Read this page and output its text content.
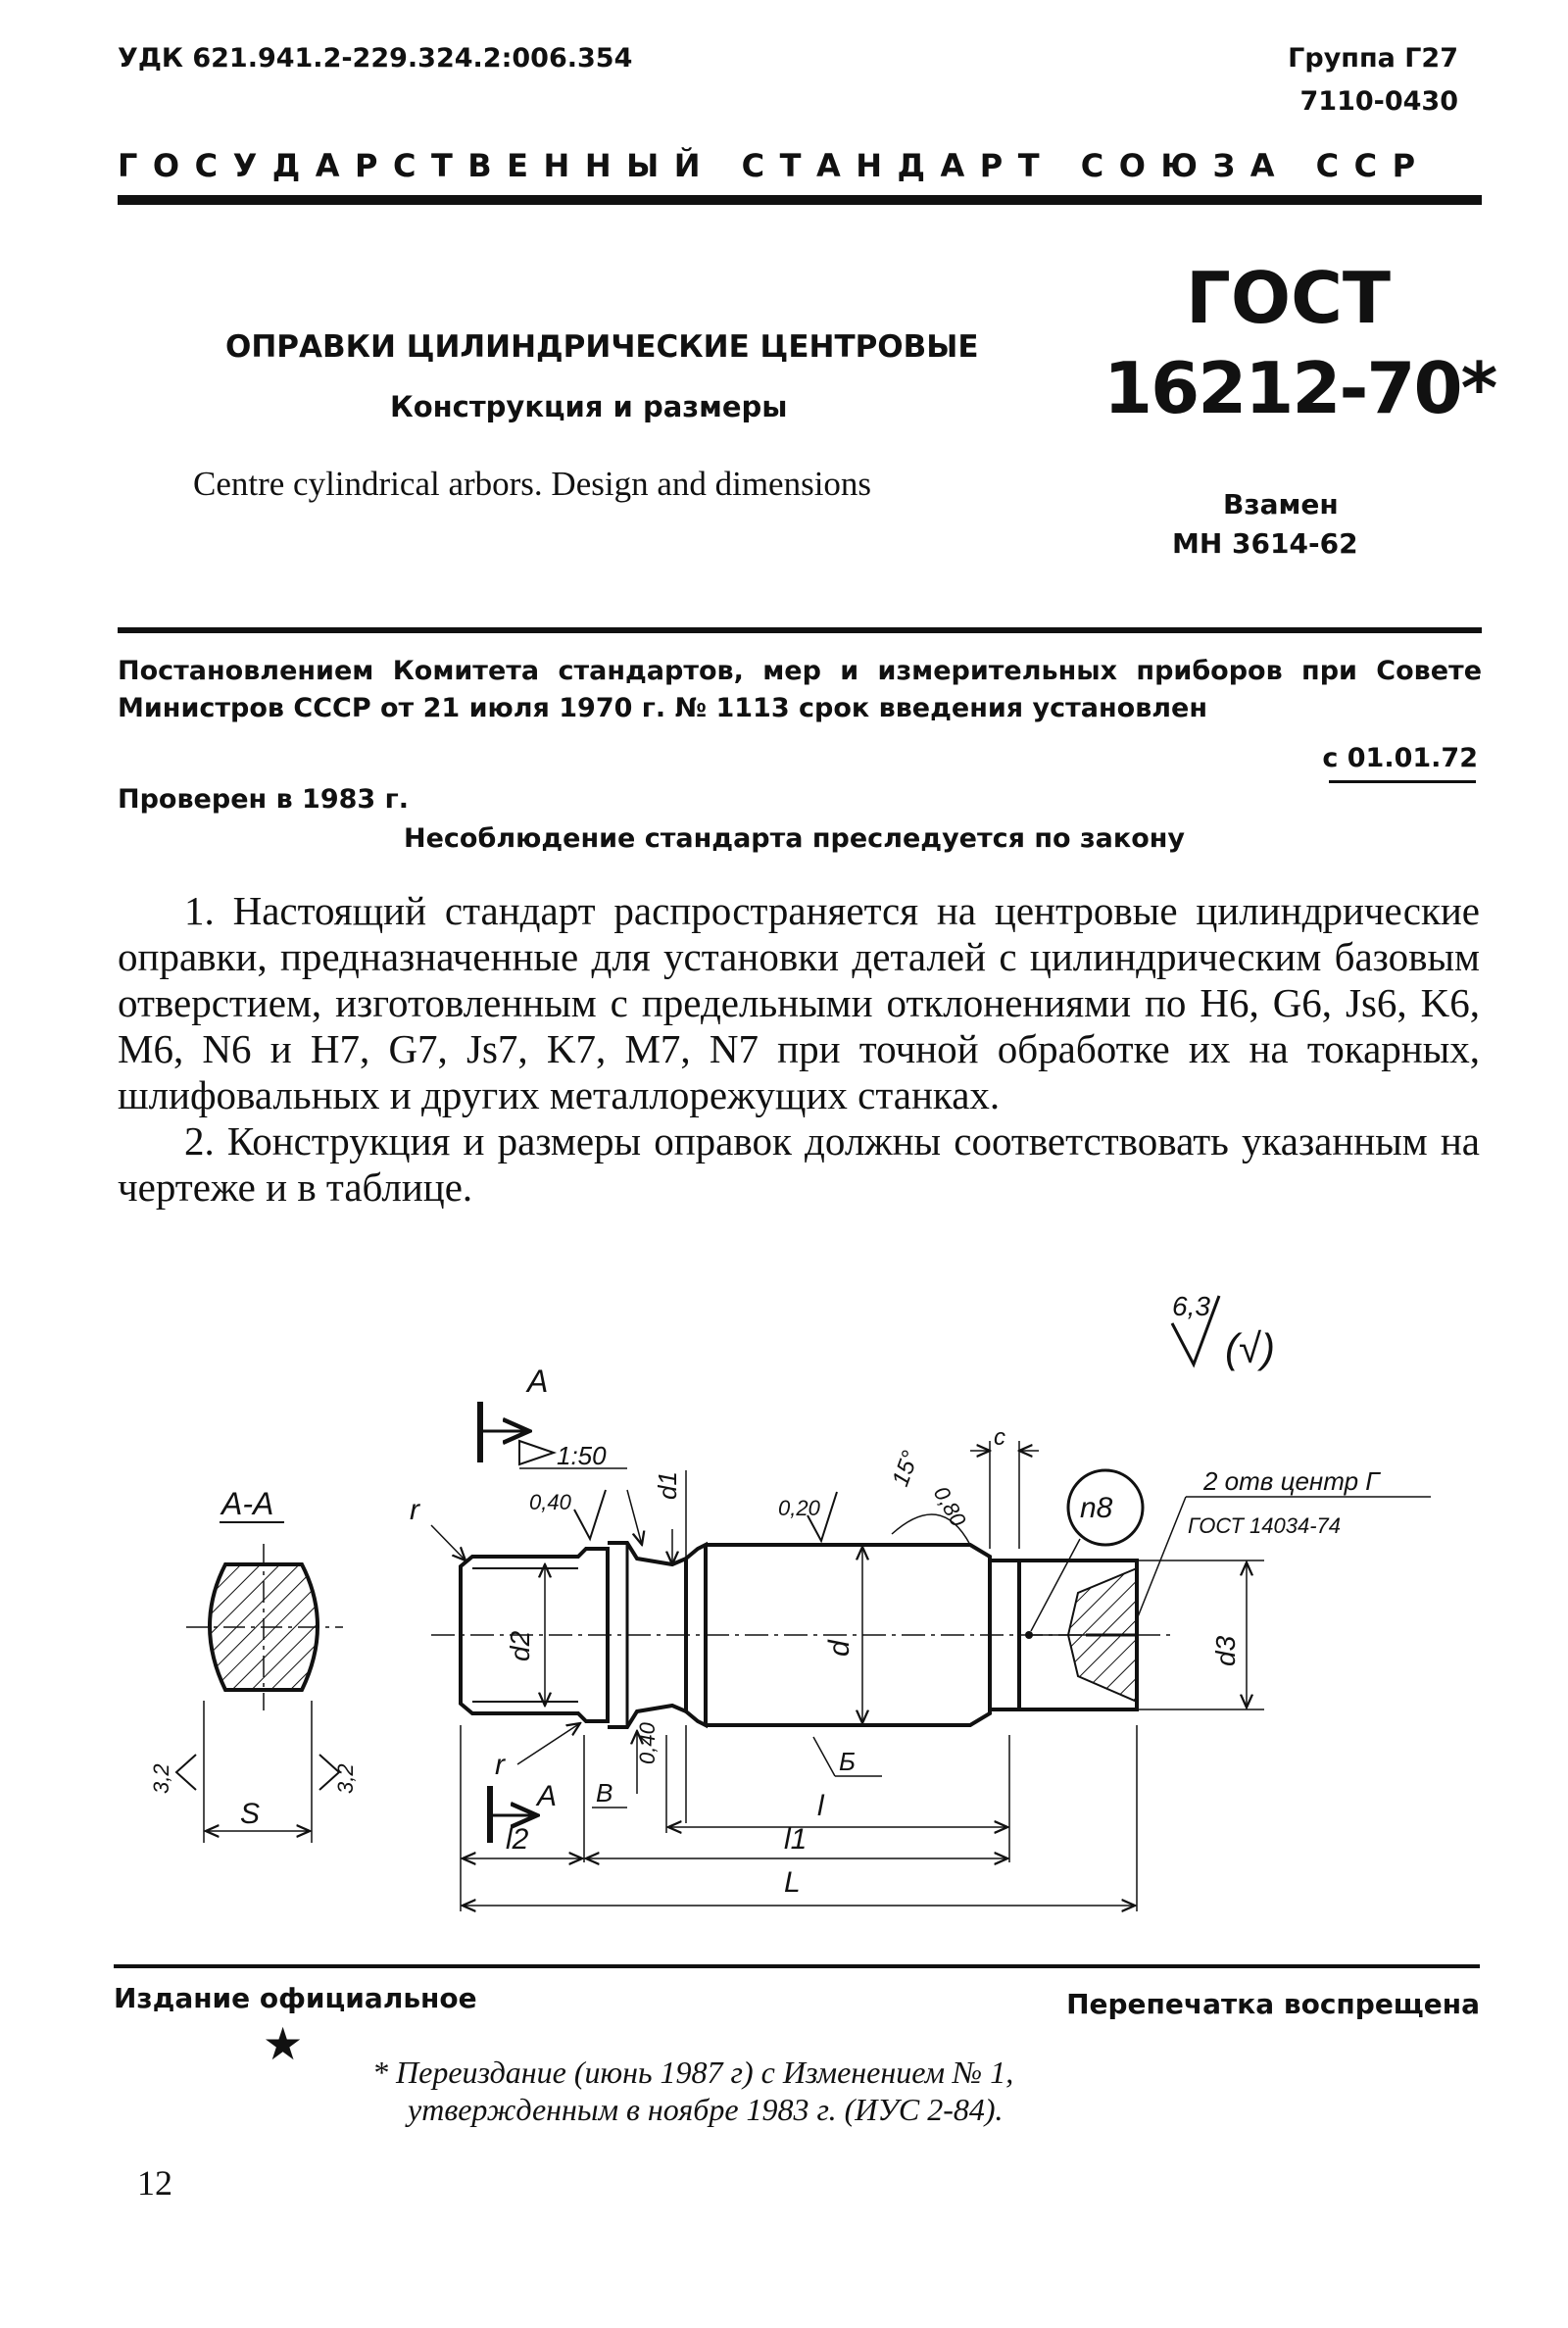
УДК 621.941.2-229.324.2:006.354	Группа Г27
7110-0430
ГОСУДАРСТВЕННЫЙ СТАНДАРТ СОЮЗА ССР
ОПРАВКИ ЦИЛИНДРИЧЕСКИЕ ЦЕНТРОВЫЕ
Конструкция и размеры
Centre cylindrical arbors. Design and dimensions
ГОСТ
16212-70*
Взамен
МН 3614-62
Постановлением Комитета стандартов, мер и измерительных приборов при Совете Министров СССР от 21 июля 1970 г. № 1113 срок введения установлен
с 01.01.72
Проверен в 1983 г.
Несоблюдение стандарта преследуется по закону

1. Настоящий стандарт распространяется на центровые цилиндрические оправки, предназначенные для установки деталей с цилиндрическим базовым отверстием, изготовленным с предельными отклонениями по H6, G6, Js6, K6, M6, N6 и H7, G7, Js7, K7, M7, N7 при точной обработке их на токарных, шлифовальных и других металлорежущих станках.

2. Конструкция и размеры оправок должны соответствовать указанным на чертеже и в таблице.

6,3
(√)
А-А
S
3,2	3,2
А
1:50
r
r
0,40
d1
0,20
15°
0,80
c
n8
2 отв центр Г
ГОСТ 14034-74
d2	d	d3
0,40
В
Б
А	l
l2	l1
L
Издание официальное	Перепечатка воспрещена
★
* Переиздание (июнь 1987 г) с Изменением № 1,
утвержденным в ноябре 1983 г. (ИУС 2-84).
12
